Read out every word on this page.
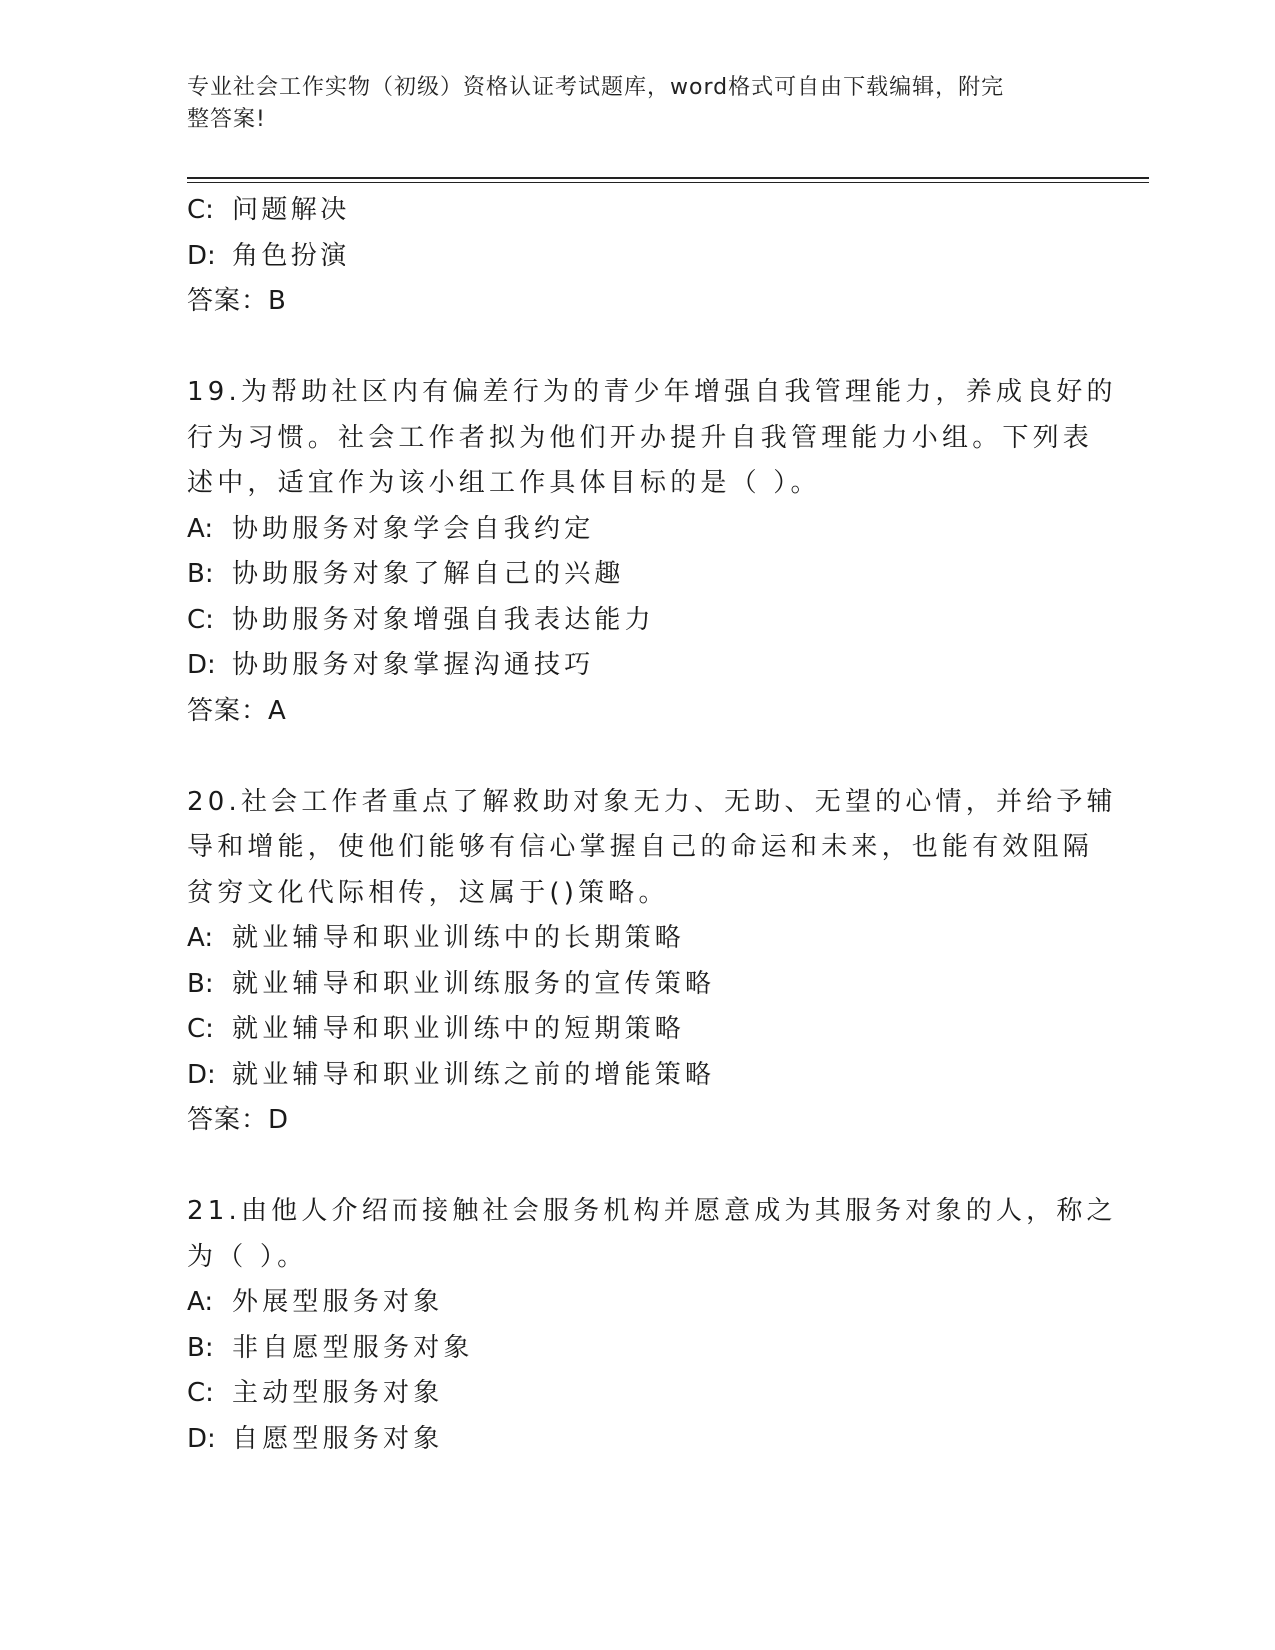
专业社会工作实物（初级）资格认证考试题库，word格式可自由下载编辑，附完
整答案!
C: 问题解决
D: 角色扮演
答案：B
19.为帮助社区内有偏差行为的青少年增强自我管理能力，养成良好的
行为习惯。社会工作者拟为他们开办提升自我管理能力小组。下列表
述中，适宜作为该小组工作具体目标的是（ ）。
A: 协助服务对象学会自我约定
B: 协助服务对象了解自己的兴趣
C: 协助服务对象增强自我表达能力
D: 协助服务对象掌握沟通技巧
答案：A
20.社会工作者重点了解救助对象无力、无助、无望的心情，并给予辅
导和增能，使他们能够有信心掌握自己的命运和未来，也能有效阻隔
贫穷文化代际相传，这属于()策略。
A: 就业辅导和职业训练中的长期策略
B: 就业辅导和职业训练服务的宣传策略
C: 就业辅导和职业训练中的短期策略
D: 就业辅导和职业训练之前的增能策略
答案：D
21.由他人介绍而接触社会服务机构并愿意成为其服务对象的人，称之
为（ ）。
A: 外展型服务对象
B: 非自愿型服务对象
C: 主动型服务对象
D: 自愿型服务对象
